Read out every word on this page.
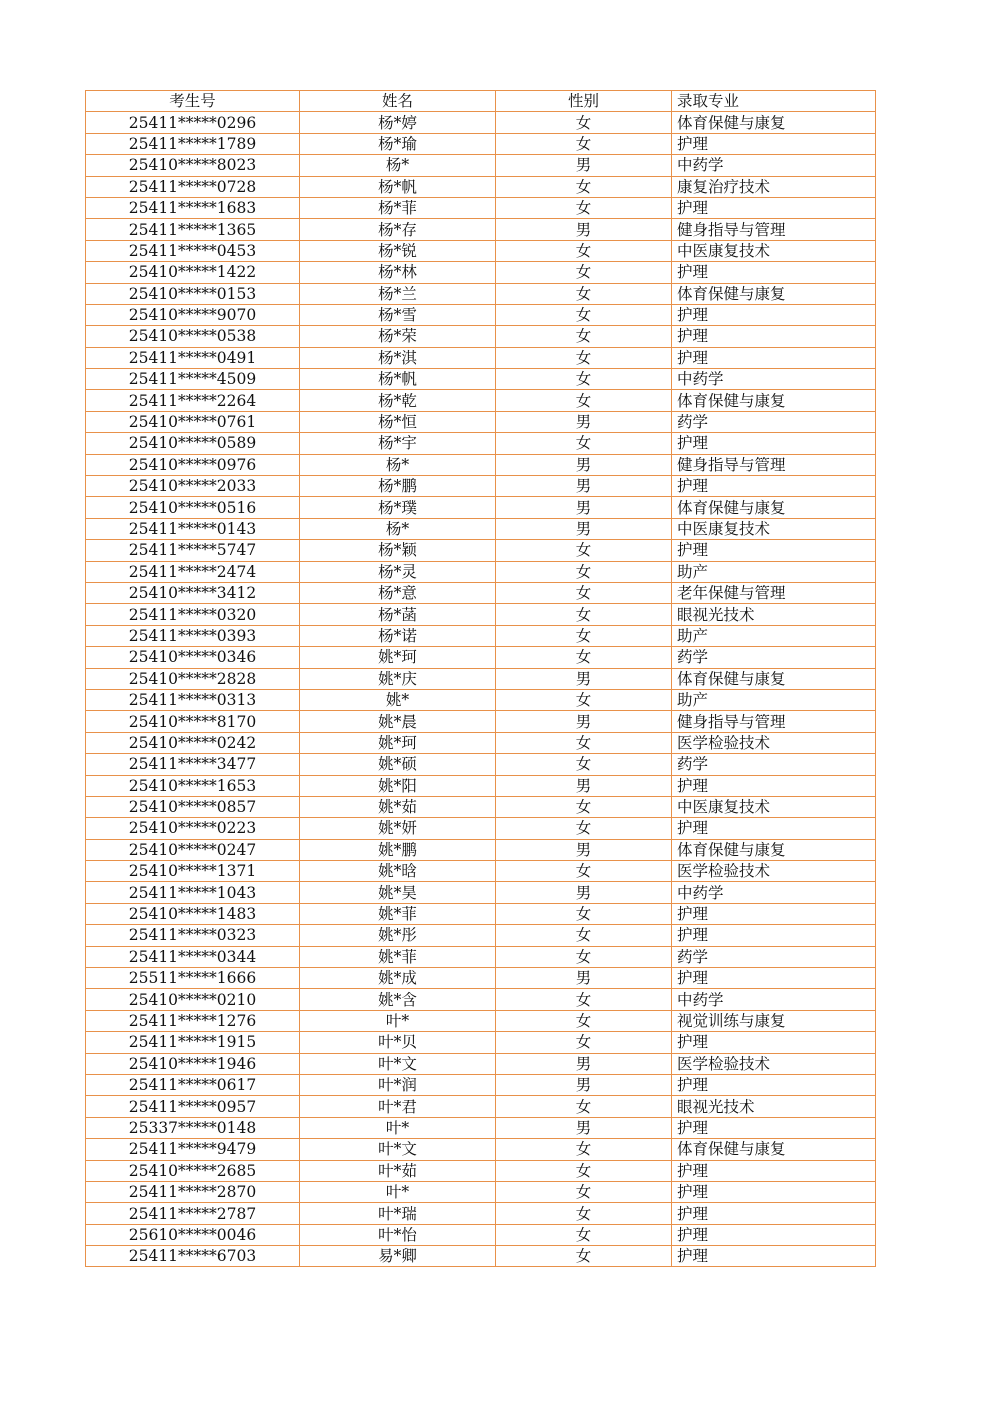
考生号	姓名	性别	录取专业
25411*****0296	杨*婷	女	体育保健与康复
25411*****1789	杨*瑜	女	护理
25410*****8023	杨*	男	中药学
25411*****0728	杨*帆	女	康复治疗技术
25411*****1683	杨*菲	女	护理
25411*****1365	杨*存	男	健身指导与管理
25411*****0453	杨*锐	女	中医康复技术
25410*****1422	杨*林	女	护理
25410*****0153	杨*兰	女	体育保健与康复
25410*****9070	杨*雪	女	护理
25410*****0538	杨*荣	女	护理
25411*****0491	杨*淇	女	护理
25411*****4509	杨*帆	女	中药学
25411*****2264	杨*乾	女	体育保健与康复
25410*****0761	杨*恒	男	药学
25410*****0589	杨*宇	女	护理
25410*****0976	杨*	男	健身指导与管理
25410*****2033	杨*鹏	男	护理
25410*****0516	杨*璞	男	体育保健与康复
25411*****0143	杨*	男	中医康复技术
25411*****5747	杨*颖	女	护理
25411*****2474	杨*灵	女	助产
25410*****3412	杨*意	女	老年保健与管理
25411*****0320	杨*菡	女	眼视光技术
25411*****0393	杨*诺	女	助产
25410*****0346	姚*珂	女	药学
25410*****2828	姚*庆	男	体育保健与康复
25411*****0313	姚*	女	助产
25410*****8170	姚*晨	男	健身指导与管理
25410*****0242	姚*珂	女	医学检验技术
25411*****3477	姚*硕	女	药学
25410*****1653	姚*阳	男	护理
25410*****0857	姚*茹	女	中医康复技术
25410*****0223	姚*妍	女	护理
25410*****0247	姚*鹏	男	体育保健与康复
25410*****1371	姚*晗	女	医学检验技术
25411*****1043	姚*昊	男	中药学
25410*****1483	姚*菲	女	护理
25411*****0323	姚*彤	女	护理
25411*****0344	姚*菲	女	药学
25511*****1666	姚*成	男	护理
25410*****0210	姚*含	女	中药学
25411*****1276	叶*	女	视觉训练与康复
25411*****1915	叶*贝	女	护理
25410*****1946	叶*文	男	医学检验技术
25411*****0617	叶*润	男	护理
25411*****0957	叶*君	女	眼视光技术
25337*****0148	叶*	男	护理
25411*****9479	叶*文	女	体育保健与康复
25410*****2685	叶*茹	女	护理
25411*****2870	叶*	女	护理
25411*****2787	叶*瑞	女	护理
25610*****0046	叶*怡	女	护理
25411*****6703	易*卿	女	护理
